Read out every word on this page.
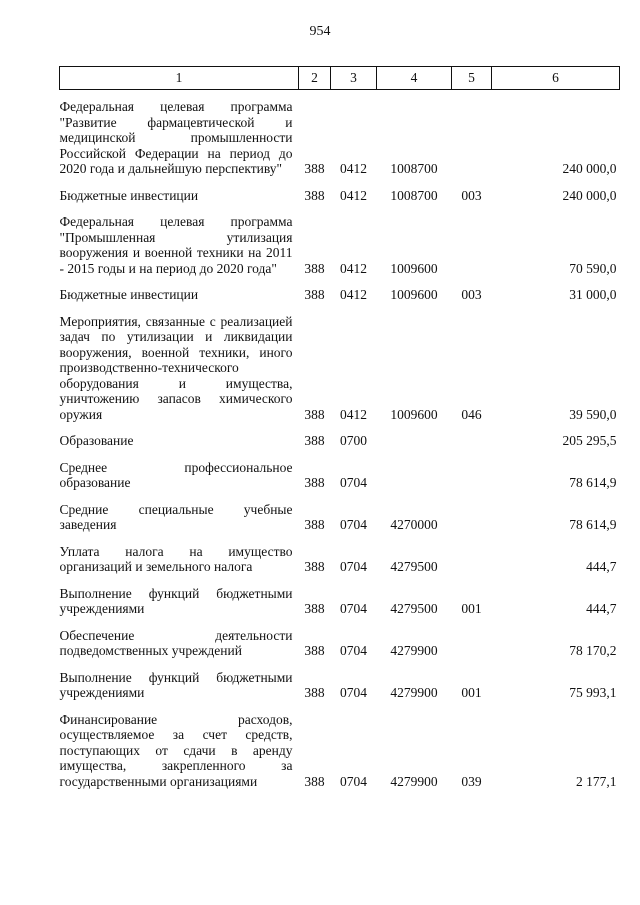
954
1	2	3	4	5	6
Федеральная целевая программа "Развитие фармацевтической и медицинской промышленности Российской Федерации на период до 2020 года и дальнейшую перспективу"	388	0412	1008700		240 000,0
Бюджетные инвестиции	388	0412	1008700	003	240 000,0
Федеральная целевая программа "Промышленная утилизация вооружения и военной техники на 2011 - 2015 годы и на период до 2020 года"	388	0412	1009600		70 590,0
Бюджетные инвестиции	388	0412	1009600	003	31 000,0
Мероприятия, связанные с реализацией задач по утилизации и ликвидации вооружения, военной техники, иного производственно-технического оборудования и имущества, уничтожению запасов химического оружия	388	0412	1009600	046	39 590,0
Образование	388	0700			205 295,5
Среднее профессиональное образование	388	0704			78 614,9
Средние специальные учебные заведения	388	0704	4270000		78 614,9
Уплата налога на имущество организаций и земельного налога	388	0704	4279500		444,7
Выполнение функций бюджетными учреждениями	388	0704	4279500	001	444,7
Обеспечение деятельности подведомственных учреждений	388	0704	4279900		78 170,2
Выполнение функций бюджетными учреждениями	388	0704	4279900	001	75 993,1
Финансирование расходов, осуществляемое за счет средств, поступающих от сдачи в аренду имущества, закрепленного за государственными организациями	388	0704	4279900	039	2 177,1
